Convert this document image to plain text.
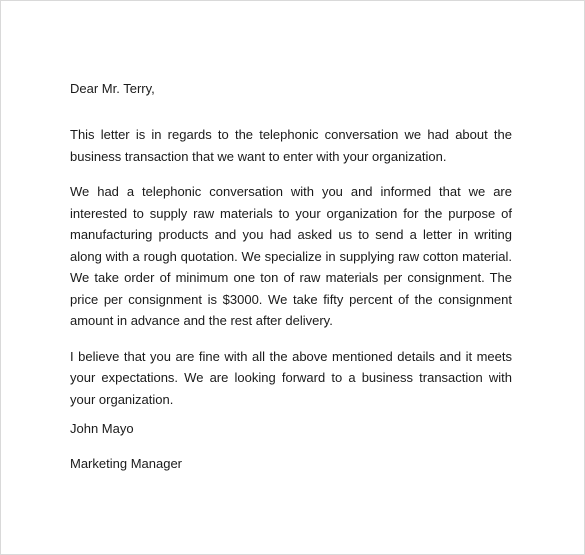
Dear Mr. Terry,

This letter is in regards to the telephonic conversation we had about the business transaction that we want to enter with your organization.

We had a telephonic conversation with you and informed that we are interested to supply raw materials to your organization for the purpose of manufacturing products and you had asked us to send a letter in writing along with a rough quotation. We specialize in supplying raw cotton material. We take order of minimum one ton of raw materials per consignment. The price per consignment is $3000. We take fifty percent of the consignment amount in advance and the rest after delivery.

I believe that you are fine with all the above mentioned details and it meets your expectations. We are looking forward to a business transaction with your organization.

John Mayo

Marketing Manager
